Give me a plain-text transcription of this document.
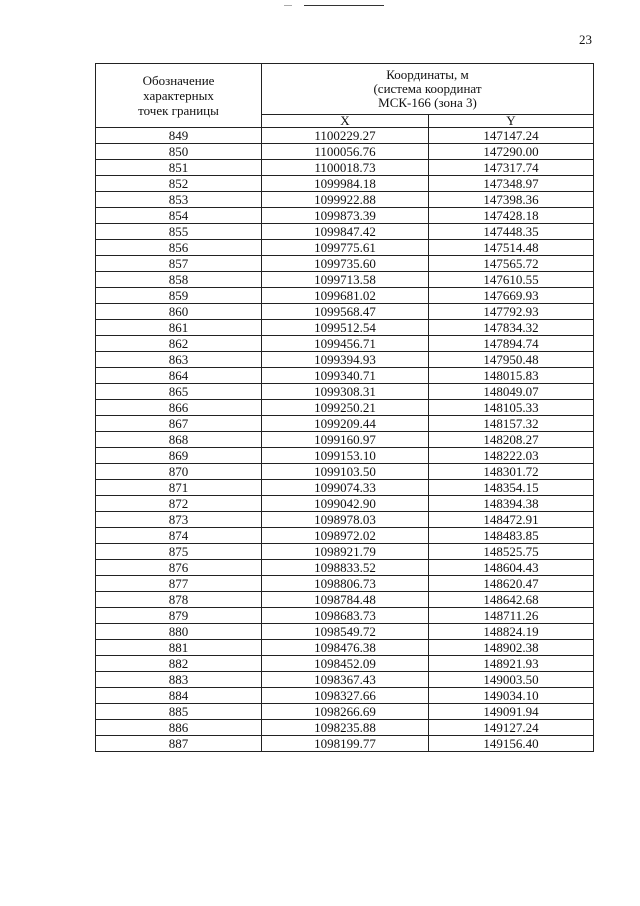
23
Обозначение
характерных
точек границы	Координаты, м
(система координат
МСК-166 (зона 3)	

	X	Y
849	1100229.27	147147.24
850	1100056.76	147290.00
851	1100018.73	147317.74
852	1099984.18	147348.97
853	1099922.88	147398.36
854	1099873.39	147428.18
855	1099847.42	147448.35
856	1099775.61	147514.48
857	1099735.60	147565.72
858	1099713.58	147610.55
859	1099681.02	147669.93
860	1099568.47	147792.93
861	1099512.54	147834.32
862	1099456.71	147894.74
863	1099394.93	147950.48
864	1099340.71	148015.83
865	1099308.31	148049.07
866	1099250.21	148105.33
867	1099209.44	148157.32
868	1099160.97	148208.27
869	1099153.10	148222.03
870	1099103.50	148301.72
871	1099074.33	148354.15
872	1099042.90	148394.38
873	1098978.03	148472.91
874	1098972.02	148483.85
875	1098921.79	148525.75
876	1098833.52	148604.43
877	1098806.73	148620.47
878	1098784.48	148642.68
879	1098683.73	148711.26
880	1098549.72	148824.19
881	1098476.38	148902.38
882	1098452.09	148921.93
883	1098367.43	149003.50
884	1098327.66	149034.10
885	1098266.69	149091.94
886	1098235.88	149127.24
887	1098199.77	149156.40
